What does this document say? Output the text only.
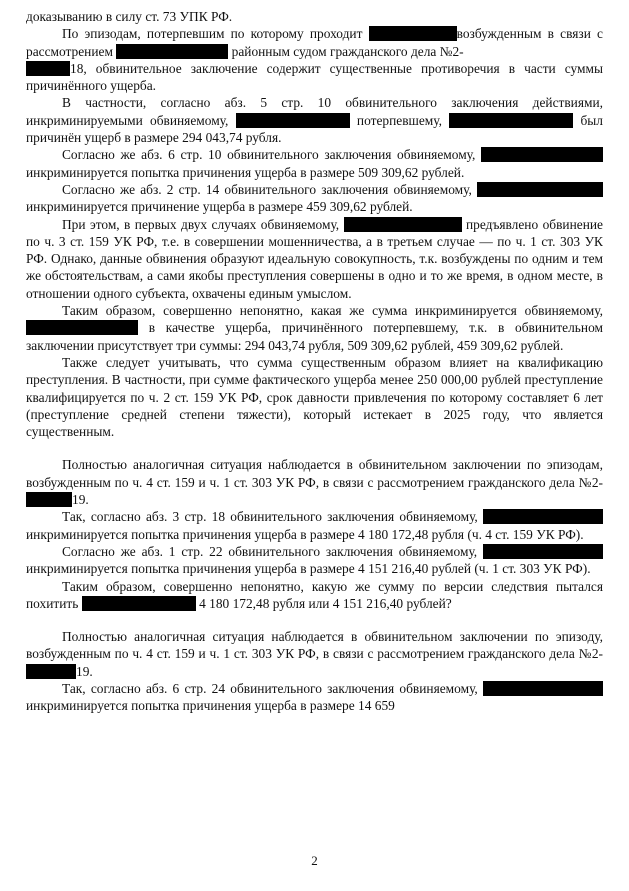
доказыванию в силу ст. 73 УПК РФ.

По эпизодам, потерпевшим по которому проходит	возбужденным в связи с рассмотрением	районным судом гражданского дела №2-
18, обвинительное заключение содержит существенные противоречия в части суммы причинённого ущерба.

В частности, согласно абз. 5 стр. 10 обвинительного заключения действиями, инкриминируемыми обвиняемому,	потерпевшему,	был причинён ущерб в размере 294 043,74 рубля.

Согласно же абз. 6 стр. 10 обвинительного заключения обвиняемому,  инкриминируется попытка причинения ущерба в размере 509 309,62 рублей.

Согласно же абз. 2 стр. 14 обвинительного заключения обвиняемому,  инкриминируется причинение ущерба в размере 459 309,62 рублей.

При этом, в первых двух случаях обвиняемому,	предъявлено обвинение по ч. 3 ст. 159 УК РФ, т.е. в совершении мошенничества, а в третьем случае — по ч. 1 ст. 303 УК РФ. Однако, данные обвинения образуют идеальную совокупность, т.к. возбуждены по одним и тем же обстоятельствам, а сами якобы преступления совершены в одно и то же время, в одном месте, в отношении одного субъекта, охвачены единым умыслом.

Таким образом, совершенно непонятно, какая же сумма инкриминируется обвиняемому,  в качестве ущерба, причинённого потерпевшему, т.к. в обвинительном заключении присутствует три суммы: 294 043,74 рубля, 509 309,62 рублей, 459 309,62 рублей.

Также следует учитывать, что сумма существенным образом влияет на квалификацию преступления. В частности, при сумме фактического ущерба менее 250 000,00 рублей преступление квалифицируется по ч. 2 ст. 159 УК РФ, срок давности привлечения по которому составляет 6 лет (преступление средней степени тяжести), который истекает в 2025 году, что является существенным.

Полностью аналогичная ситуация наблюдается в обвинительном заключении по эпизодам, возбужденным по ч. 4 ст. 159 и ч. 1 ст. 303 УК РФ, в связи с рассмотрением гражданского дела №2-19.

Так, согласно абз. 3 стр. 18 обвинительного заключения обвиняемому,  инкриминируется попытка причинения ущерба в размере 4 180 172,48 рубля (ч. 4 ст. 159 УК РФ).

Согласно же абз. 1 стр. 22 обвинительного заключения обвиняемому,  инкриминируется попытка причинения ущерба в размере 4 151 216,40 рублей (ч. 1 ст. 303 УК РФ).

Таким образом, совершенно непонятно, какую же сумму по версии следствия пытался похитить	4 180 172,48 рубля или 4 151 216,40 рублей?

Полностью аналогичная ситуация наблюдается в обвинительном заключении по эпизоду, возбужденным по ч. 4 ст. 159 и ч. 1 ст. 303 УК РФ, в связи с рассмотрением гражданского дела №2-19.

Так, согласно абз. 6 стр. 24 обвинительного заключения обвиняемому,  инкриминируется попытка причинения ущерба в размере 14 659

2
